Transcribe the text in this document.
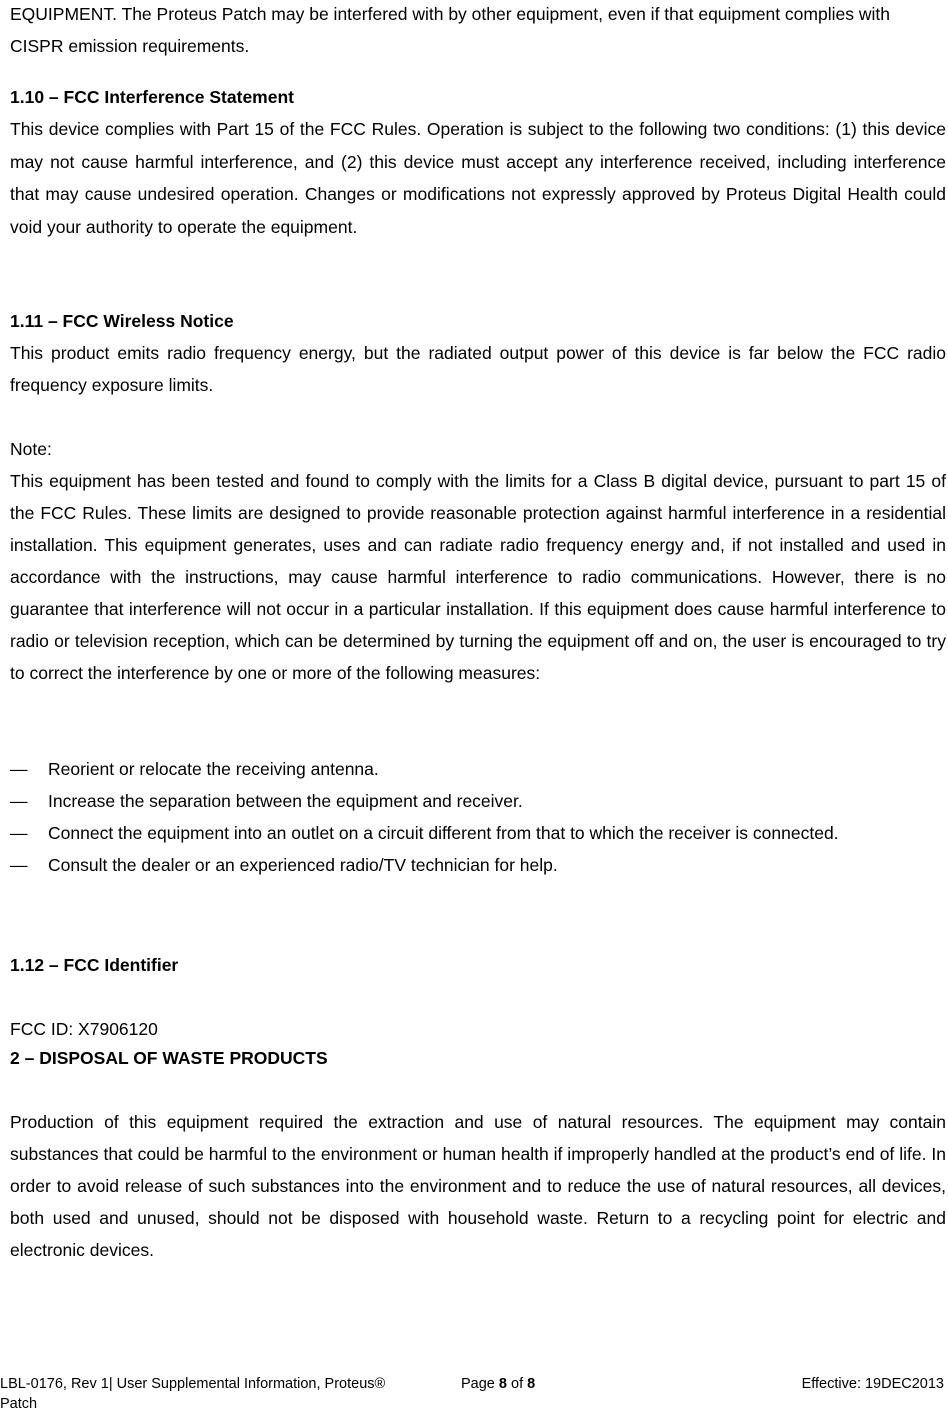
EQUIPMENT. The Proteus Patch may be interfered with by other equipment, even if that equipment complies with CISPR emission requirements.
1.10 – FCC Interference Statement
This device complies with Part 15 of the FCC Rules. Operation is subject to the following two conditions: (1) this device may not cause harmful interference, and (2) this device must accept any interference received, including interference that may cause undesired operation. Changes or modifications not expressly approved by Proteus Digital Health could void your authority to operate the equipment.
1.11 – FCC Wireless Notice
This product emits radio frequency energy, but the radiated output power of this device is far below the FCC radio frequency exposure limits.
Note:
This equipment has been tested and found to comply with the limits for a Class B digital device, pursuant to part 15 of the FCC Rules. These limits are designed to provide reasonable protection against harmful interference in a residential installation. This equipment generates, uses and can radiate radio frequency energy and, if not installed and used in accordance with the instructions, may cause harmful interference to radio communications. However, there is no guarantee that interference will not occur in a particular installation. If this equipment does cause harmful interference to radio or television reception, which can be determined by turning the equipment off and on, the user is encouraged to try to correct the interference by one or more of the following measures:
— Reorient or relocate the receiving antenna.
— Increase the separation between the equipment and receiver.
— Connect the equipment into an outlet on a circuit different from that to which the receiver is connected.
— Consult the dealer or an experienced radio/TV technician for help.
1.12 – FCC Identifier
FCC ID: X7906120
2 – DISPOSAL OF WASTE PRODUCTS
Production of this equipment required the extraction and use of natural resources. The equipment may contain substances that could be harmful to the environment or human health if improperly handled at the product’s end of life. In order to avoid release of such substances into the environment and to reduce the use of natural resources, all devices, both used and unused, should not be disposed with household waste. Return to a recycling point for electric and electronic devices.
LBL-0176, Rev 1| User Supplemental Information, Proteus® Patch
Page 8 of 8	Effective: 19DEC2013
